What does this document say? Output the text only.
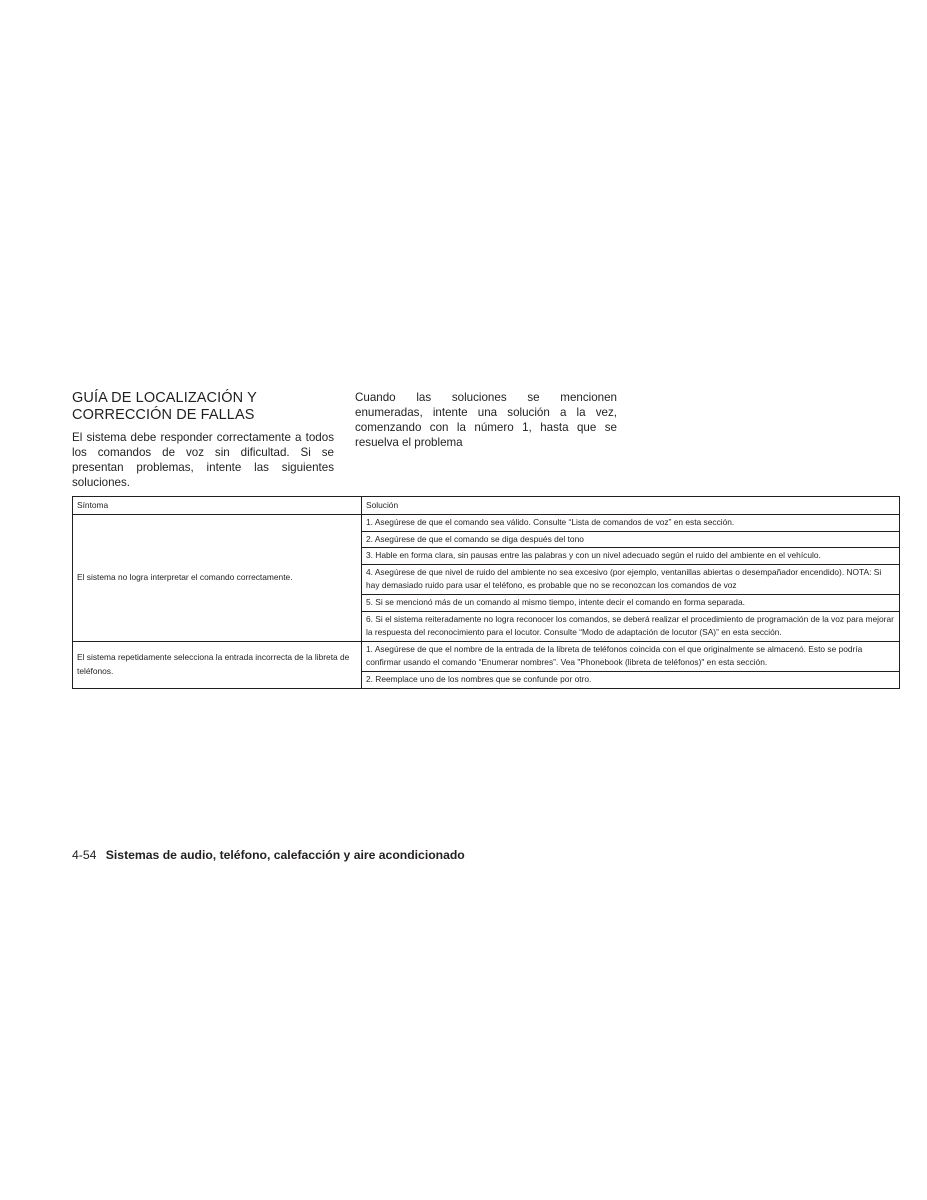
GUÍA DE LOCALIZACIÓN Y
CORRECCIÓN DE FALLAS

El sistema debe responder correctamente a todos los comandos de voz sin dificultad. Si se presentan problemas, intente las siguientes soluciones.

Cuando las soluciones se mencionen enumeradas, intente una solución a la vez, comenzando con la número 1, hasta que se resuelva el problema

Síntoma	Solución
El sistema no logra interpretar el comando correctamente.	1. Asegúrese de que el comando sea válido. Consulte “Lista de comandos de voz” en esta sección.
	2. Asegúrese de que el comando se diga después del tono
	3. Hable en forma clara, sin pausas entre las palabras y con un nivel adecuado según el ruido del ambiente en el vehículo.
	4. Asegúrese de que nivel de ruido del ambiente no sea excesivo (por ejemplo, ventanillas abiertas o desempañador encendido). NOTA: Si hay demasiado ruido para usar el teléfono, es probable que no se reconozcan los comandos de voz
	5. Si se mencionó más de un comando al mismo tiempo, intente decir el comando en forma separada.
	6. Si el sistema reiteradamente no logra reconocer los comandos, se deberá realizar el procedimiento de programación de la voz para mejorar la respuesta del reconocimiento para el locutor. Consulte “Modo de adaptación de locutor (SA)” en esta sección.
El sistema repetidamente selecciona la entrada incorrecta de la libreta de teléfonos.	1. Asegúrese de que el nombre de la entrada de la libreta de teléfonos coincida con el que originalmente se almacenó. Esto se podría confirmar usando el comando “Enumerar nombres”. Vea "Phonebook (libreta de teléfonos)" en esta sección.
	2. Reemplace uno de los nombres que se confunde por otro.
4-54 Sistemas de audio, teléfono, calefacción y aire acondicionado
